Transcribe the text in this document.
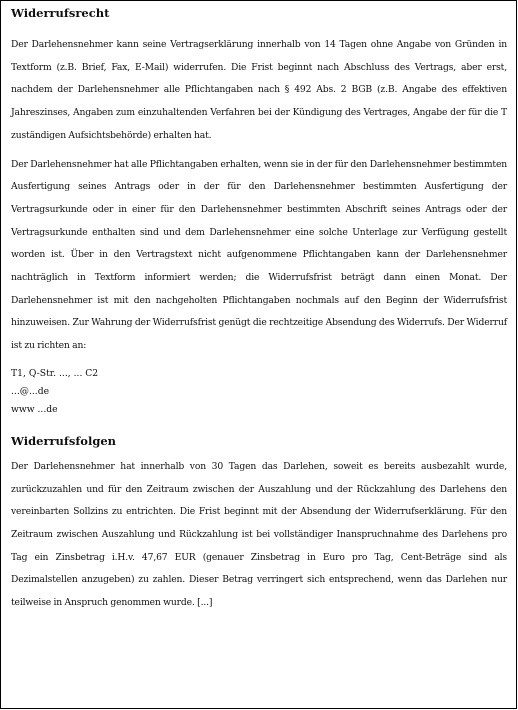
Widerrufsrecht

Der Darlehensnehmer kann seine Vertragserklärung innerhalb von 14 Tagen ohne Angabe von Gründen in Textform (z.B. Brief, Fax, E-Mail) widerrufen. Die Frist beginnt nach Abschluss des Vertrags, aber erst, nachdem der Darlehensnehmer alle Pflichtangaben nach § 492 Abs. 2 BGB (z.B. Angabe des effektiven Jahreszinses, Angaben zum einzuhaltenden Verfahren bei der Kündigung des Vertrages, Angabe der für die T zuständigen Aufsichtsbehörde) erhalten hat.

Der Darlehensnehmer hat alle Pflichtangaben erhalten, wenn sie in der für den Darlehensnehmer bestimmten Ausfertigung seines Antrags oder in der für den Darlehensnehmer bestimmten Ausfertigung der Vertragsurkunde oder in einer für den Darlehensnehmer bestimmten Abschrift seines Antrags oder der Vertragsurkunde enthalten sind und dem Darlehensnehmer eine solche Unterlage zur Verfügung gestellt worden ist. Über in den Vertragstext nicht aufgenommene Pflichtangaben kann der Darlehensnehmer nachträglich in Textform informiert werden; die Widerrufsfrist beträgt dann einen Monat. Der Darlehensnehmer ist mit den nachgeholten Pflichtangaben nochmals auf den Beginn der Widerrufsfrist hinzuweisen. Zur Wahrung der Widerrufsfrist genügt die rechtzeitige Absendung des Widerrufs. Der Widerruf ist zu richten an:

T1, Q-Str. ..., ... C2

...@...de

www ...de

Widerrufsfolgen

Der Darlehensnehmer hat innerhalb von 30 Tagen das Darlehen, soweit es bereits ausbezahlt wurde, zurückzuzahlen und für den Zeitraum zwischen der Auszahlung und der Rückzahlung des Darlehens den vereinbarten Sollzins zu entrichten. Die Frist beginnt mit der Absendung der Widerrufserklärung. Für den Zeitraum zwischen Auszahlung und Rückzahlung ist bei vollständiger Inanspruchnahme des Darlehens pro Tag ein Zinsbetrag i.H.v. 47,67 EUR (genauer Zinsbetrag in Euro pro Tag, Cent-Beträge sind als Dezimalstellen anzugeben) zu zahlen. Dieser Betrag verringert sich entsprechend, wenn das Darlehen nur teilweise in Anspruch genommen wurde. [...]
